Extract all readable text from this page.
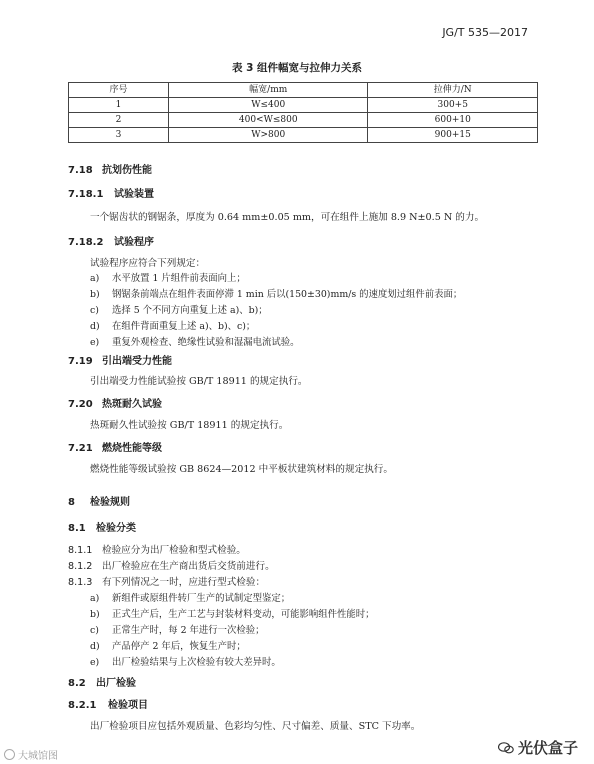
JG/T 535—2017
表 3 组件幅宽与拉伸力关系
序号	幅宽/mm	拉伸力/N
1	W≤400	300+5
2	400<W≤800	600+10
3	W>800	900+15
7.18 抗划伤性能
7.18.1 试验装置
一个锯齿状的钢锯条，厚度为 0.64 mm±0.05 mm，可在组件上施加 8.9 N±0.5 N 的力。
7.18.2 试验程序
试验程序应符合下列规定：
a) 水平放置 1 片组件前表面向上；
b) 钢锯条前端点在组件表面停滞 1 min 后以(150±30)mm/s 的速度划过组件前表面；
c) 选择 5 个不同方向重复上述 a)、b)；
d) 在组件背面重复上述 a)、b)、c)；
e) 重复外观检查、绝缘性试验和湿漏电流试验。
7.19 引出端受力性能
引出端受力性能试验按 GB/T 18911 的规定执行。
7.20 热斑耐久试验
热斑耐久性试验按 GB/T 18911 的规定执行。
7.21 燃烧性能等级
燃烧性能等级试验按 GB 8624—2012 中平板状建筑材料的规定执行。
8 检验规则
8.1 检验分类
8.1.1 检验应分为出厂检验和型式检验。
8.1.2 出厂检验应在生产商出货后交货前进行。
8.1.3 有下列情况之一时，应进行型式检验：
a) 新组件或原组件转厂生产的试制定型鉴定；
b) 正式生产后，生产工艺与封装材料变动，可能影响组件性能时；
c) 正常生产时，每 2 年进行一次检验；
d) 产品停产 2 年后，恢复生产时；
e) 出厂检验结果与上次检验有较大差异时。
8.2 出厂检验
8.2.1 检验项目
出厂检验项目应包括外观质量、色彩均匀性、尺寸偏差、质量、STC 下功率。
大城馆图	光伏盒子
